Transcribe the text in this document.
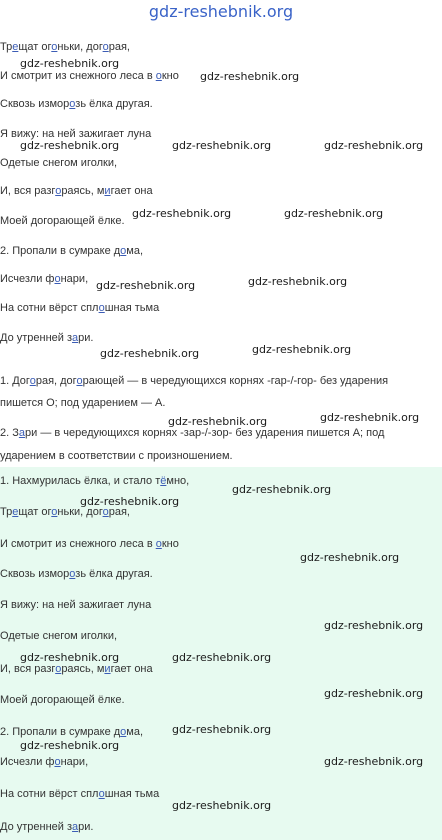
gdz-reshebnik.org
Трещат огоньки, догорая,
И смотрит из снежного леса в окно
Сквозь изморозь ёлка другая.
Я вижу: на ней зажигает луна
Одетые снегом иголки,
И, вся разгораясь, мигает она
Моей догорающей ёлке.
2. Пропали в сумраке дома,
Исчезли фонари,
На сотни вёрст сплошная тьма
До утренней зари.
1. Догорая, догорающей — в чередующихся корнях -гар-/-гор- без ударения
пишется О; под ударением — А.
2. Зари — в чередующихся корнях -зар-/-зор- без ударения пишется А; под
ударением в соответствии с произношением.
1. Нахмурилась ёлка, и стало тёмно,
Трещат огоньки, догорая,
И смотрит из снежного леса в окно
Сквозь изморозь ёлка другая.
Я вижу: на ней зажигает луна
Одетые снегом иголки,
И, вся разгораясь, мигает она
Моей догорающей ёлке.
2. Пропали в сумраке дома,
Исчезли фонари,
На сотни вёрст сплошная тьма
До утренней зари.
gdz-reshebnik.org
gdz-reshebnik.org
gdz-reshebnik.org	gdz-reshebnik.org	gdz-reshebnik.org
gdz-reshebnik.org	gdz-reshebnik.org
gdz-reshebnik.org	gdz-reshebnik.org
gdz-reshebnik.org	gdz-reshebnik.org
gdz-reshebnik.org	gdz-reshebnik.org
gdz-reshebnik.org
gdz-reshebnik.org
gdz-reshebnik.org
gdz-reshebnik.org
gdz-reshebnik.org	gdz-reshebnik.org
gdz-reshebnik.org
gdz-reshebnik.org
gdz-reshebnik.org
gdz-reshebnik.org
gdz-reshebnik.org
